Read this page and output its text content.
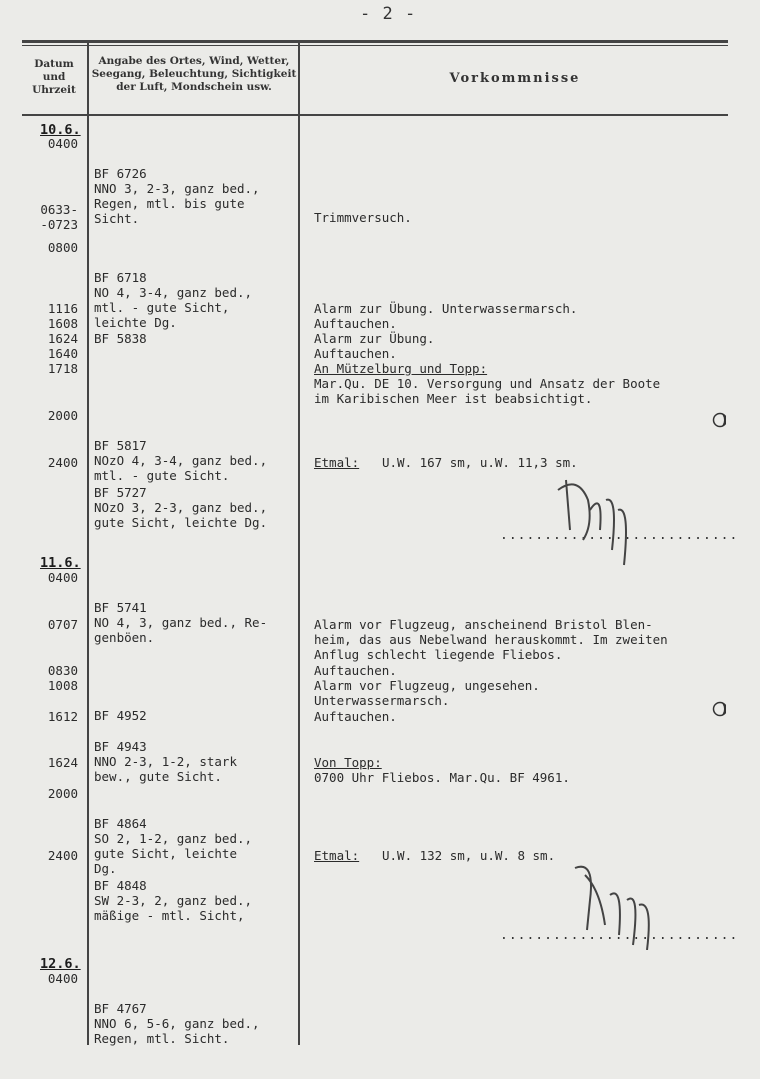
- 2 -
Datum
und
Uhrzeit
Angabe des Ortes, Wind, Wetter,
Seegang, Beleuchtung, Sichtigkeit
der Luft, Mondschein usw.
Vorkommnisse
10.6.
11.6.
12.6.
0400
0633-
-0723
0800
1116
1608
1624
1640
1718
2000
2400
0400
0707
0830
1008
1612
1624
2000
2400
0400

BF 6726
NNO 3, 2-3, ganz bed.,
Regen, mtl. bis gute
Sicht.

BF 6718
NO 4, 3-4, ganz bed.,
mtl. - gute Sicht,
leichte Dg.

BF 5838

BF 5817
NOzO 4, 3-4, ganz bed.,
mtl. - gute Sicht.

BF 5727
NOzO 3, 2-3, ganz bed.,
gute Sicht, leichte Dg.

BF 5741
NO 4, 3, ganz bed., Re-
genböen.

BF 4952

BF 4943
NNO 2-3, 1-2, stark
bew., gute Sicht.

BF 4864
SO 2, 1-2, ganz bed.,
gute Sicht, leichte
Dg.

BF 4848
SW 2-3, 2, ganz bed.,
mäßige - mtl. Sicht,

BF 4767
NNO 6, 5-6, ganz bed.,
Regen, mtl. Sicht.

Trimmversuch.
Alarm zur Übung. Unterwassermarsch.
Auftauchen.
Alarm zur Übung.
Auftauchen.
An Mützelburg und Topp:
Mar.Qu. DE 10. Versorgung und Ansatz der Boote
im Karibischen Meer ist beabsichtigt.
Etmal: U.W. 167 sm, u.W. 11,3 sm.
Alarm vor Flugzeug, anscheinend Bristol Blen-
heim, das aus Nebelwand herauskommt. Im zweiten
Anflug schlecht liegende Fliebos.
Auftauchen.
Alarm vor Flugzeug, ungesehen.
Unterwassermarsch.
Auftauchen.
Von Topp:
0700 Uhr Fliebos. Mar.Qu. BF 4961.
Etmal: U.W. 132 sm, u.W. 8 sm.
...........................
...........................
